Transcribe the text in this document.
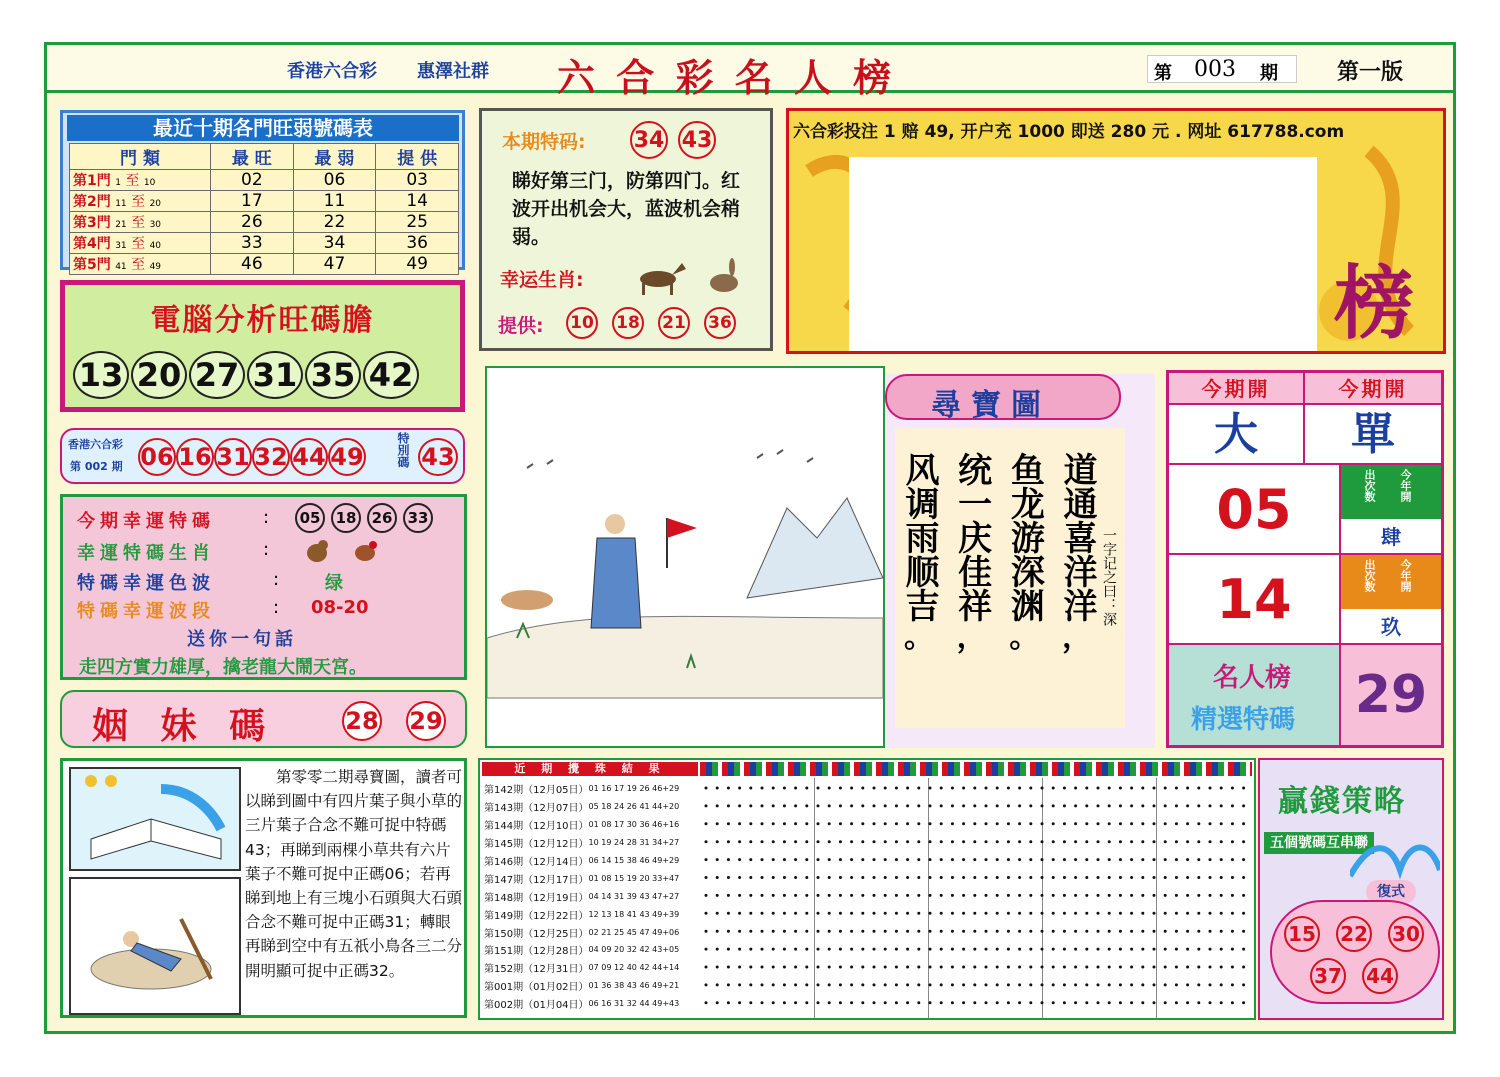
香港六合彩 惠澤社群 六 合 彩 名 人 榜	第 003 期	第一版
最近十期各門旺弱號碼表
門 類	最 旺	最 弱	提 供
第1門 1 至 10	02	06	03
第2門 11 至 20	17	11	14
第3門 21 至 30	26	22	25
第4門 31 至 40	33	34	36
第5門 41 至 49	46	47	49
電腦分析旺碼膽
13 20 27 31 35 42
香港六合彩
第 002 期 06 16 31 32 44 49	特別碼 43
今期幸運特碼	:	05	18	26	33
幸運特碼生肖	:
特碼幸運色波	:	绿
特碼幸運波段	: 08-20
送你一句話
走四方實力雄厚，擒老龍大鬧天宮。
姻 妹 碼	28 29
本期特码: 34 43
睇好第三门，防第四门。红波开出机会大，蓝波机会稍弱。
幸运生肖:
提供: 10 18 21 36
六合彩投注 1 赔 49, 开户充 1000 即送 280 元 . 网址 617788.com
榜
尋寶圖
道通喜洋洋
，
鱼龙游深渊
。
统一庆佳祥
，
风调雨顺吉
。
一字记之曰：深
今期開	今期開
大	單
05	出次数 今年開
肆
14	出次数 今年開
玖
名人榜
精選特碼 29
第零零二期尋寶圖，讀者可以睇到圖中有四片葉子與小草的三片葉子合念不難可捉中特碼43；再睇到兩棵小草共有六片葉子不難可捉中正碼06；若再睇到地上有三塊小石頭與大石頭合念不難可捉中正碼31；轉眼再睇到空中有五祇小鳥各三二分開明顯可捉中正碼32。
近 期 攪 珠 結 果
第142期 （12月05日） 01 16 17 19 26 46+29
第143期 （12月07日） 05 18 24 26 41 44+20
第144期 （12月10日） 01 08 17 30 36 46+16
第145期 （12月12日） 10 19 24 28 31 34+27
第146期 （12月14日） 06 14 15 38 46 49+29
第147期 （12月17日） 01 08 15 19 20 33+47
第148期 （12月19日） 04 14 31 39 43 47+27
第149期 （12月22日） 12 13 18 41 43 49+39
第150期 （12月25日） 02 21 25 45 47 49+06
第151期 （12月28日） 04 09 20 32 42 43+05
第152期 （12月31日） 07 09 12 40 42 44+14
第001期 （01月02日） 01 36 38 43 46 49+21
第002期 （01月04日） 06 16 31 32 44 49+43
贏錢策略
五個號碼互串聯
復式
15 22 30
37 44
